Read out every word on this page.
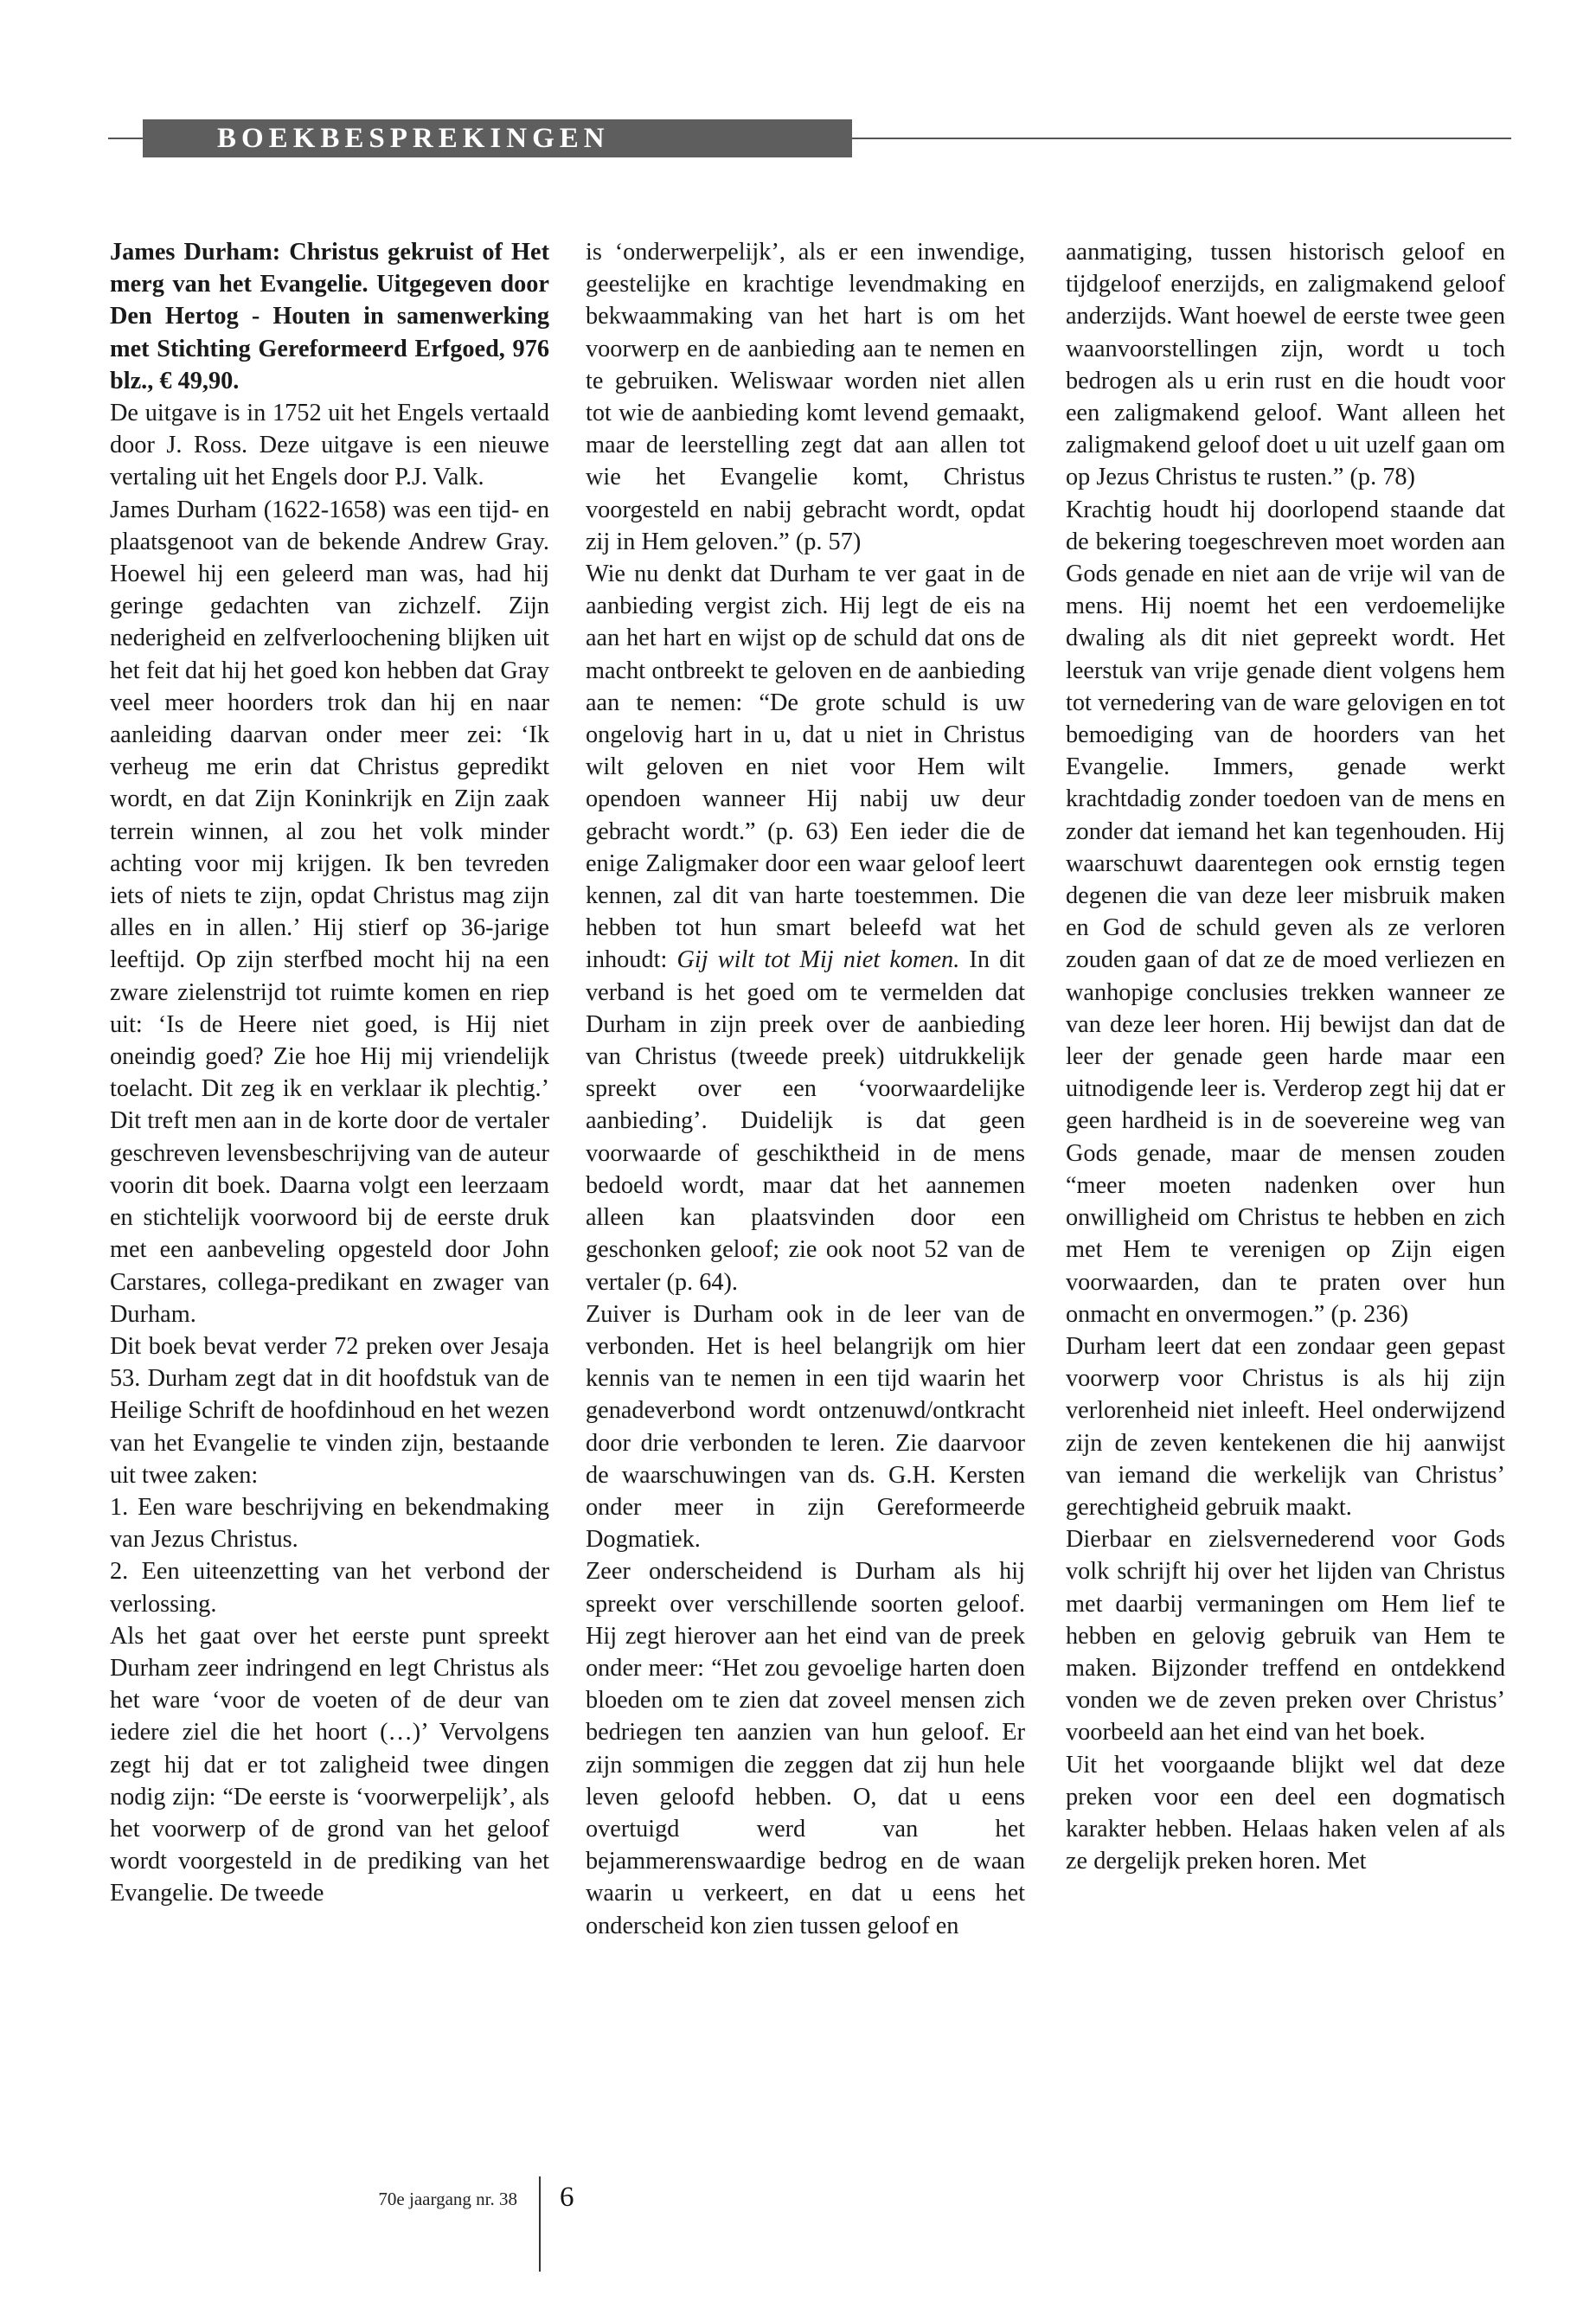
BOEKBESPREKINGEN

James Durham: Christus gekruist of Het merg van het Evangelie. Uitgegeven door Den Hertog - Houten in samenwerking met Stichting Gereformeerd Erfgoed, 976 blz., € 49,90.

De uitgave is in 1752 uit het Engels vertaald door J. Ross. Deze uitgave is een nieuwe vertaling uit het Engels door P.J. Valk.

James Durham (1622-1658) was een tijd- en plaatsgenoot van de bekende Andrew Gray. Hoewel hij een geleerd man was, had hij geringe gedachten van zichzelf. Zijn nederigheid en zelfverloochening blijken uit het feit dat hij het goed kon hebben dat Gray veel meer hoorders trok dan hij en naar aanleiding daarvan onder meer zei: ‘Ik verheug me erin dat Christus gepredikt wordt, en dat Zijn Koninkrijk en Zijn zaak terrein winnen, al zou het volk minder achting voor mij krijgen. Ik ben tevreden iets of niets te zijn, opdat Christus mag zijn alles en in allen.’ Hij stierf op 36-jarige leeftijd. Op zijn sterfbed mocht hij na een zware zielenstrijd tot ruimte komen en riep uit: ‘Is de Heere niet goed, is Hij niet oneindig goed? Zie hoe Hij mij vriendelijk toelacht. Dit zeg ik en verklaar ik plechtig.’ Dit treft men aan in de korte door de vertaler geschreven levensbeschrijving van de auteur voorin dit boek. Daarna volgt een leerzaam en stichtelijk voorwoord bij de eerste druk met een aanbeveling opgesteld door John Carstares, collega-predikant en zwager van Durham.

Dit boek bevat verder 72 preken over Jesaja 53. Durham zegt dat in dit hoofdstuk van de Heilige Schrift de hoofdinhoud en het wezen van het Evangelie te vinden zijn, bestaande uit twee zaken:

1. Een ware beschrijving en bekendmaking van Jezus Christus.

2. Een uiteenzetting van het verbond der verlossing.

Als het gaat over het eerste punt spreekt Durham zeer indringend en legt Christus als het ware ‘voor de voeten of de deur van iedere ziel die het hoort (…)’ Vervolgens zegt hij dat er tot zaligheid twee dingen nodig zijn: “De eerste is ‘voorwerpelijk’, als het voorwerp of de grond van het geloof wordt voorgesteld in de prediking van het Evangelie. De tweede

is ‘onderwerpelijk’, als er een inwendige, geestelijke en krachtige levendmaking en bekwaammaking van het hart is om het voorwerp en de aanbieding aan te nemen en te gebruiken. Weliswaar worden niet allen tot wie de aanbieding komt levend gemaakt, maar de leerstelling zegt dat aan allen tot wie het Evangelie komt, Christus voorgesteld en nabij gebracht wordt, opdat zij in Hem geloven.” (p. 57)

Wie nu denkt dat Durham te ver gaat in de aanbieding vergist zich. Hij legt de eis na aan het hart en wijst op de schuld dat ons de macht ontbreekt te geloven en de aanbieding aan te nemen: “De grote schuld is uw ongelovig hart in u, dat u niet in Christus wilt geloven en niet voor Hem wilt opendoen wanneer Hij nabij uw deur gebracht wordt.” (p. 63) Een ieder die de enige Zaligmaker door een waar geloof leert kennen, zal dit van harte toestemmen. Die hebben tot hun smart beleefd wat het inhoudt: Gij wilt tot Mij niet komen. In dit verband is het goed om te vermelden dat Durham in zijn preek over de aanbieding van Christus (tweede preek) uitdrukkelijk spreekt over een ‘voorwaardelijke aanbieding’. Duidelijk is dat geen voorwaarde of geschiktheid in de mens bedoeld wordt, maar dat het aannemen alleen kan plaatsvinden door een geschonken geloof; zie ook noot 52 van de vertaler (p. 64).

Zuiver is Durham ook in de leer van de verbonden. Het is heel belangrijk om hier kennis van te nemen in een tijd waarin het genadeverbond wordt ontzenuwd/ontkracht door drie verbonden te leren. Zie daarvoor de waarschuwingen van ds. G.H. Kersten onder meer in zijn Gereformeerde Dogmatiek.

Zeer onderscheidend is Durham als hij spreekt over verschillende soorten geloof. Hij zegt hierover aan het eind van de preek onder meer: “Het zou gevoelige harten doen bloeden om te zien dat zoveel mensen zich bedriegen ten aanzien van hun geloof. Er zijn sommigen die zeggen dat zij hun hele leven geloofd hebben. O, dat u eens overtuigd werd van het bejammerenswaardige bedrog en de waan waarin u verkeert, en dat u eens het onderscheid kon zien tussen geloof en

aanmatiging, tussen historisch geloof en tijdgeloof enerzijds, en zaligmakend geloof anderzijds. Want hoewel de eerste twee geen waanvoorstellingen zijn, wordt u toch bedrogen als u erin rust en die houdt voor een zaligmakend geloof. Want alleen het zaligmakend geloof doet u uit uzelf gaan om op Jezus Christus te rusten.” (p. 78)

Krachtig houdt hij doorlopend staande dat de bekering toegeschreven moet worden aan Gods genade en niet aan de vrije wil van de mens. Hij noemt het een verdoemelijke dwaling als dit niet gepreekt wordt. Het leerstuk van vrije genade dient volgens hem tot vernedering van de ware gelovigen en tot bemoediging van de hoorders van het Evangelie. Immers, genade werkt krachtdadig zonder toedoen van de mens en zonder dat iemand het kan tegenhouden. Hij waarschuwt daarentegen ook ernstig tegen degenen die van deze leer misbruik maken en God de schuld geven als ze verloren zouden gaan of dat ze de moed verliezen en wanhopige conclusies trekken wanneer ze van deze leer horen. Hij bewijst dan dat de leer der genade geen harde maar een uitnodigende leer is. Verderop zegt hij dat er geen hardheid is in de soevereine weg van Gods genade, maar de mensen zouden “meer moeten nadenken over hun onwilligheid om Christus te hebben en zich met Hem te verenigen op Zijn eigen voorwaarden, dan te praten over hun onmacht en onvermogen.” (p. 236)

Durham leert dat een zondaar geen gepast voorwerp voor Christus is als hij zijn verlorenheid niet inleeft. Heel onderwijzend zijn de zeven kentekenen die hij aanwijst van iemand die werkelijk van Christus’ gerechtigheid gebruik maakt.

Dierbaar en zielsvernederend voor Gods volk schrijft hij over het lijden van Christus met daarbij vermaningen om Hem lief te hebben en gelovig gebruik van Hem te maken. Bijzonder treffend en ontdekkend vonden we de zeven preken over Christus’ voorbeeld aan het eind van het boek.

Uit het voorgaande blijkt wel dat deze preken voor een deel een dogmatisch karakter hebben. Helaas haken velen af als ze dergelijk preken horen. Met

70e jaargang nr. 38 6
